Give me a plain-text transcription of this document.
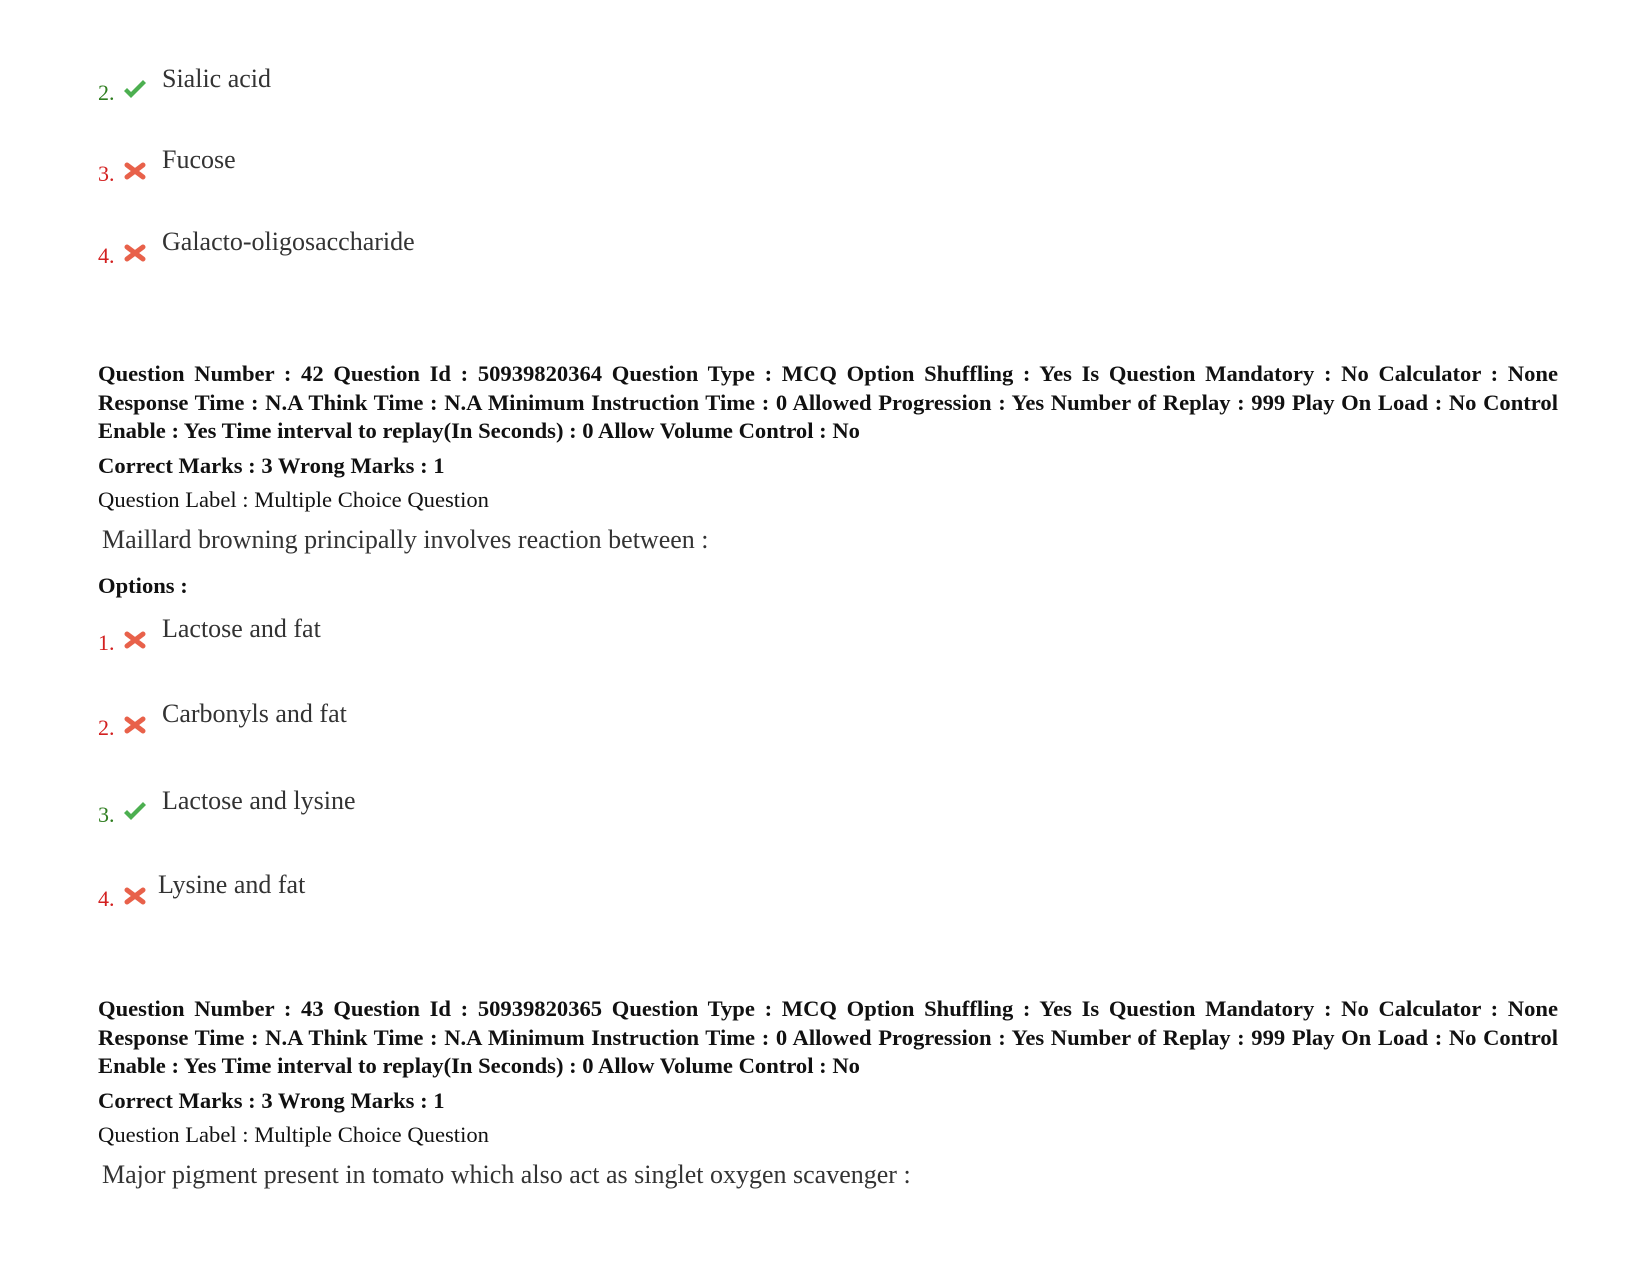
2. Sialic acid
3. Fucose
4. Galacto-oligosaccharide
Question Number : 42 Question Id : 50939820364 Question Type : MCQ Option Shuffling : Yes Is Question Mandatory : No Calculator : None Response Time : N.A Think Time : N.A Minimum Instruction Time : 0 Allowed Progression : Yes Number of Replay : 999 Play On Load : No Control Enable : Yes Time interval to replay(In Seconds) : 0 Allow Volume Control : No
Correct Marks : 3 Wrong Marks : 1
Question Label : Multiple Choice Question
Maillard browning principally involves reaction between :
Options :
1. Lactose and fat
2. Carbonyls and fat
3. Lactose and lysine
4. Lysine and fat
Question Number : 43 Question Id : 50939820365 Question Type : MCQ Option Shuffling : Yes Is Question Mandatory : No Calculator : None Response Time : N.A Think Time : N.A Minimum Instruction Time : 0 Allowed Progression : Yes Number of Replay : 999 Play On Load : No Control Enable : Yes Time interval to replay(In Seconds) : 0 Allow Volume Control : No
Correct Marks : 3 Wrong Marks : 1
Question Label : Multiple Choice Question
Major pigment present in tomato which also act as singlet oxygen scavenger :
